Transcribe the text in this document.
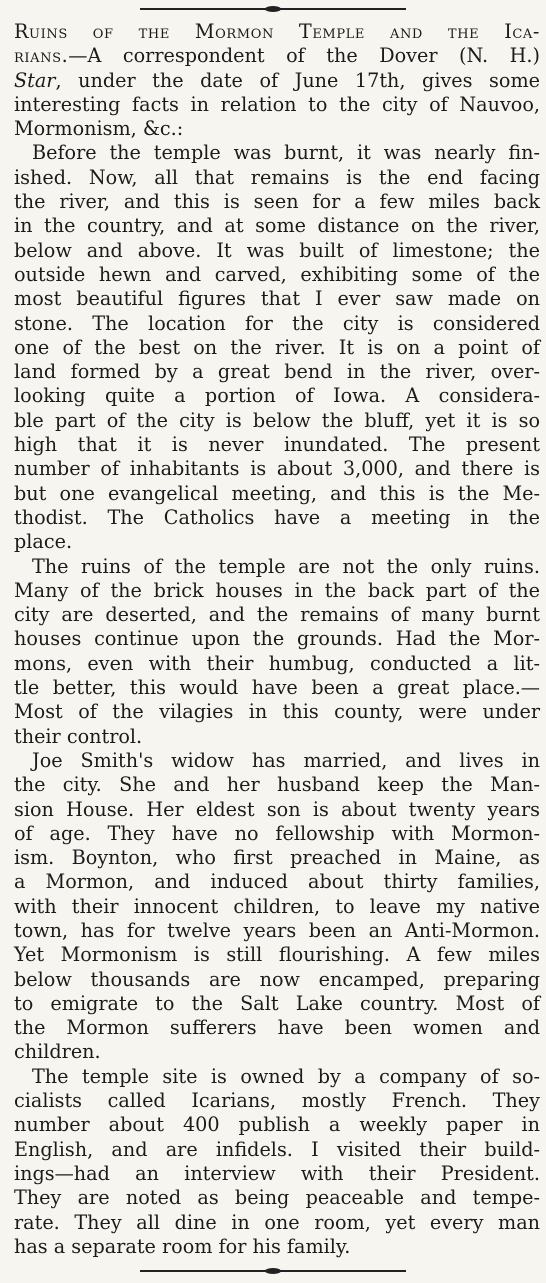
Ruins of the Mormon Temple and the Ica-
rians.—A correspondent of the Dover (N. H.)
Star, under the date of June 17th, gives some
interesting facts in relation to the city of Nauvoo,
Mormonism, &c.:
Before the temple was burnt, it was nearly fin-
ished. Now, all that remains is the end facing
the river, and this is seen for a few miles back
in the country, and at some distance on the river,
below and above. It was built of limestone; the
outside hewn and carved, exhibiting some of the
most beautiful figures that I ever saw made on
stone. The location for the city is considered
one of the best on the river. It is on a point of
land formed by a great bend in the river, over-
looking quite a portion of Iowa. A considera-
ble part of the city is below the bluff, yet it is so
high that it is never inundated. The present
number of inhabitants is about 3,000, and there is
but one evangelical meeting, and this is the Me-
thodist. The Catholics have a meeting in the
place.
The ruins of the temple are not the only ruins.
Many of the brick houses in the back part of the
city are deserted, and the remains of many burnt
houses continue upon the grounds. Had the Mor-
mons, even with their humbug, conducted a lit-
tle better, this would have been a great place.—
Most of the vilagies in this county, were under
their control.
Joe Smith's widow has married, and lives in
the city. She and her husband keep the Man-
sion House. Her eldest son is about twenty years
of age. They have no fellowship with Mormon-
ism. Boynton, who first preached in Maine, as
a Mormon, and induced about thirty families,
with their innocent children, to leave my native
town, has for twelve years been an Anti-Mormon.
Yet Mormonism is still flourishing. A few miles
below thousands are now encamped, preparing
to emigrate to the Salt Lake country. Most of
the Mormon sufferers have been women and
children.
The temple site is owned by a company of so-
cialists called Icarians, mostly French. They
number about 400 publish a weekly paper in
English, and are infidels. I visited their build-
ings—had an interview with their President.
They are noted as being peaceable and tempe-
rate. They all dine in one room, yet every man
has a separate room for his family.
